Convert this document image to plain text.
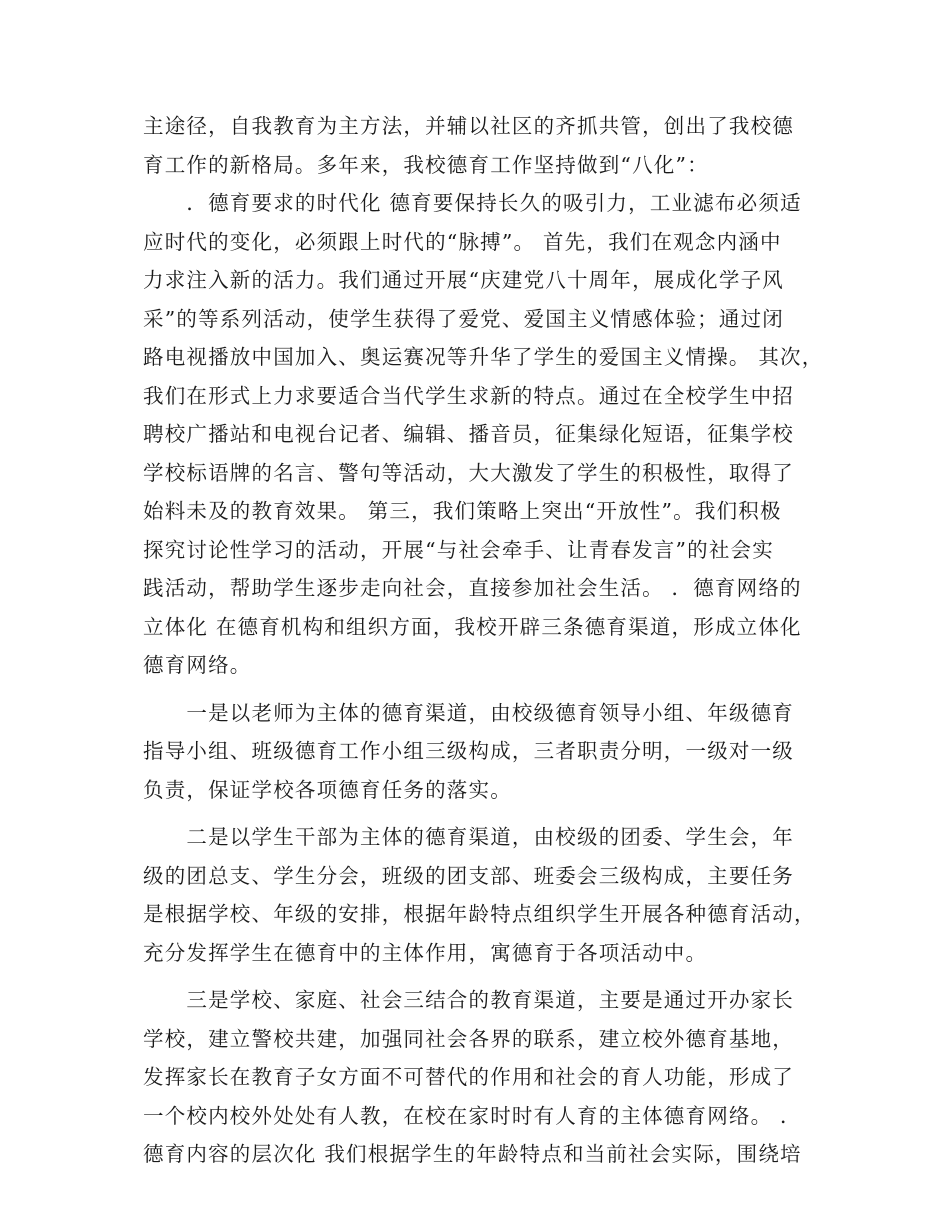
主途径，自我教育为主方法，并辅以社区的齐抓共管，创出了我校德
育工作的新格局。多年来，我校德育工作坚持做到“八化”：
　　．德育要求的时代化 德育要保持长久的吸引力，工业滤布必须适
应时代的变化，必须跟上时代的“脉搏”。 首先，我们在观念内涵中
力求注入新的活力。我们通过开展“庆建党八十周年，展成化学子风
采”的等系列活动，使学生获得了爱党、爱国主义情感体验；通过闭
路电视播放中国加入、奥运赛况等升华了学生的爱国主义情操。 其次，
我们在形式上力求要适合当代学生求新的特点。通过在全校学生中招
聘校广播站和电视台记者、编辑、播音员，征集绿化短语，征集学校
学校标语牌的名言、警句等活动，大大激发了学生的积极性，取得了
始料未及的教育效果。 第三，我们策略上突出“开放性”。我们积极
探究讨论性学习的活动，开展“与社会牵手、让青春发言”的社会实
践活动，帮助学生逐步走向社会，直接参加社会生活。 ．德育网络的
立体化 在德育机构和组织方面，我校开辟三条德育渠道，形成立体化
德育网络。
　　一是以老师为主体的德育渠道，由校级德育领导小组、年级德育
指导小组、班级德育工作小组三级构成，三者职责分明，一级对一级
负责，保证学校各项德育任务的落实。
　　二是以学生干部为主体的德育渠道，由校级的团委、学生会，年
级的团总支、学生分会，班级的团支部、班委会三级构成，主要任务
是根据学校、年级的安排，根据年龄特点组织学生开展各种德育活动，
充分发挥学生在德育中的主体作用，寓德育于各项活动中。
　　三是学校、家庭、社会三结合的教育渠道，主要是通过开办家长
学校，建立警校共建，加强同社会各界的联系，建立校外德育基地，
发挥家长在教育子女方面不可替代的作用和社会的育人功能，形成了
一个校内校外处处有人教，在校在家时时有人育的主体德育网络。 ．
德育内容的层次化 我们根据学生的年龄特点和当前社会实际，围绕培
